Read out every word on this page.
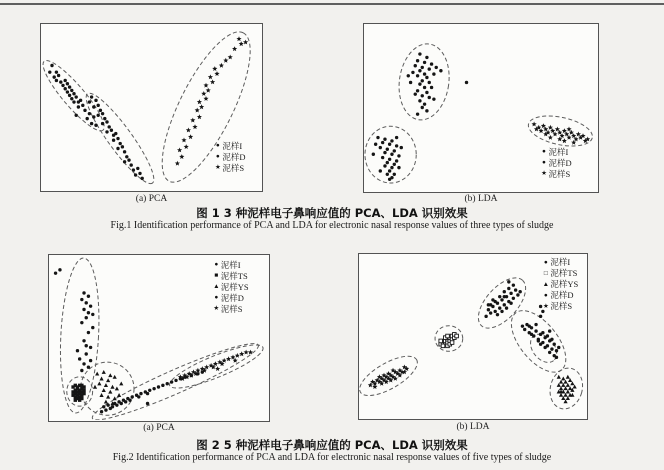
● 泥样I
● 泥样D
★ 泥样S
● 泥样I
● 泥样D
★ 泥样S
(a) PCA	(b) LDA
图 1 3 种泥样电子鼻响应值的 PCA、LDA 识别效果
Fig.1 Identification performance of PCA and LDA for electronic nasal response values of three types of sludge
● 泥样I
■ 泥样TS
▲ 泥样YS
● 泥样D
★ 泥样S
● 泥样I
□ 泥样TS
▲ 泥样YS
● 泥样D
★ 泥样S
(a) PCA	(b) LDA
图 2 5 种泥样电子鼻响应值的 PCA、LDA 识别效果
Fig.2 Identification performance of PCA and LDA for electronic nasal response values of five types of sludge
